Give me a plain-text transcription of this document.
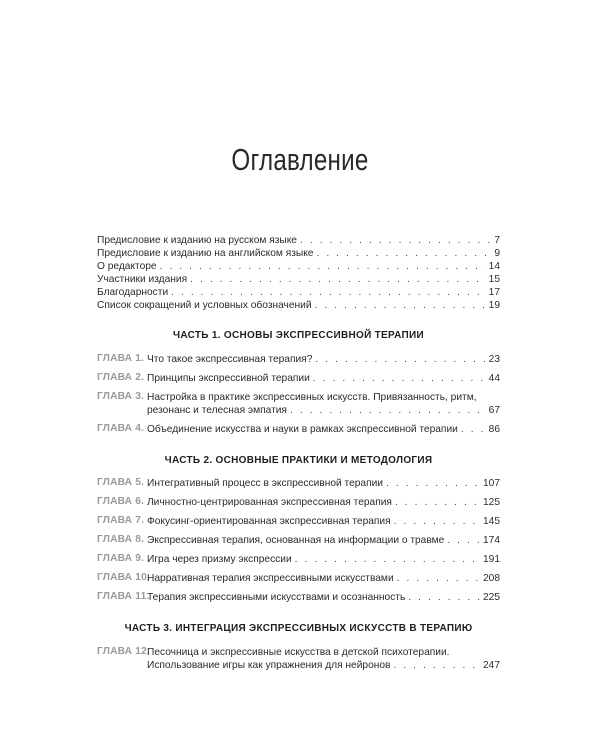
Оглавление
Предисловие к изданию на русском языке . . .	7
Предисловие к изданию на английском языке . . .	9
О редакторе . . .	14
Участники издания . . .	15
Благодарности . . .	17
Список сокращений и условных обозначений . . .	19
ЧАСТЬ 1. ОСНОВЫ ЭКСПРЕССИВНОЙ ТЕРАПИИ
ГЛАВА 1. Что такое экспрессивная терапия? . . .	23
ГЛАВА 2. Принципы экспрессивной терапии . . .	44
ГЛАВА 3. Настройка в практике экспрессивных искусств. Привязанность, ритм,
резонанс и телесная эмпатия . . .	67
ГЛАВА 4. Объединение искусства и науки в рамках экспрессивной терапии . . .	86
ЧАСТЬ 2. ОСНОВНЫЕ ПРАКТИКИ И МЕТОДОЛОГИЯ
ГЛАВА 5. Интегративный процесс в экспрессивной терапии . . .	107
ГЛАВА 6. Личностно-центрированная экспрессивная терапия . . .	125
ГЛАВА 7. Фокусинг-ориентированная экспрессивная терапия . . .	145
ГЛАВА 8. Экспрессивная терапия, основанная на информации о травме . . .	174
ГЛАВА 9. Игра через призму экспрессии . . .	191
ГЛАВА 10.
Нарративная терапия экспрессивными искусствами . . .	208
ГЛАВА 11.
Терапия экспрессивными искусствами и осознанность . . .	225
ЧАСТЬ 3. ИНТЕГРАЦИЯ ЭКСПРЕССИВНЫХ ИСКУССТВ В ТЕРАПИЮ
ГЛАВА 12.
Песочница и экспрессивные искусства в детской психотерапии.
Использование игры как упражнения для нейронов . . .	247
